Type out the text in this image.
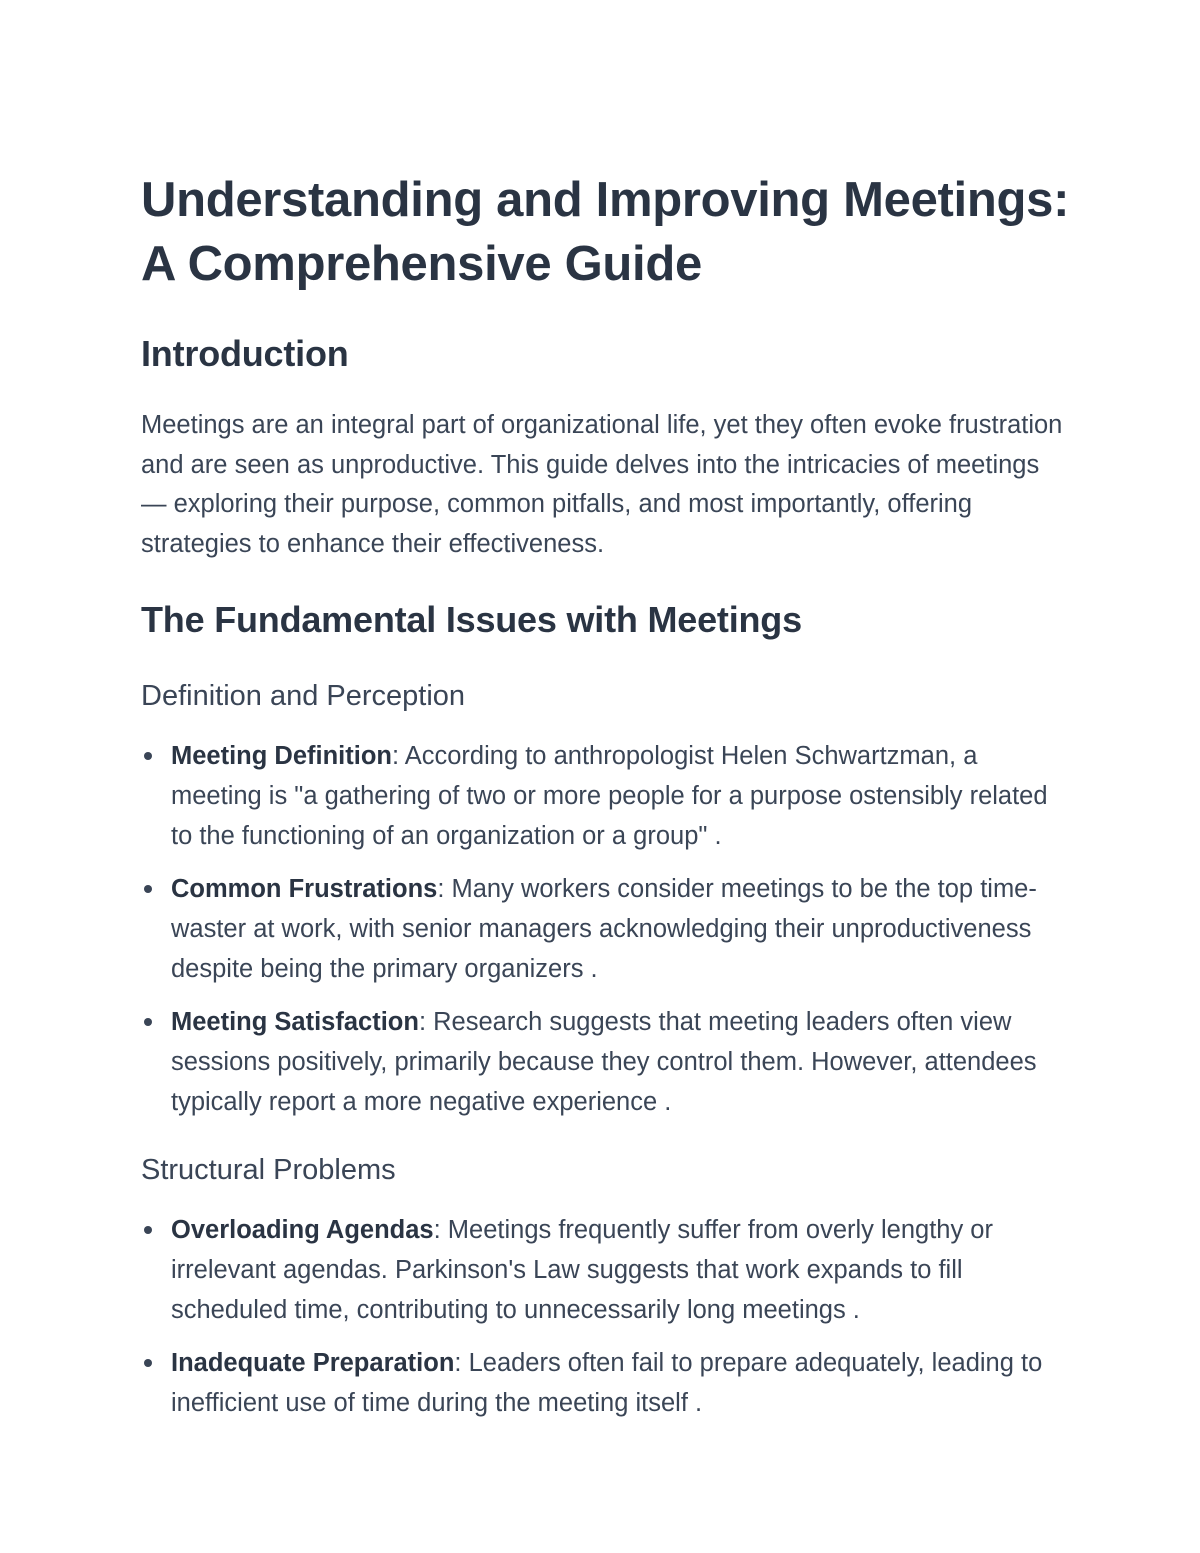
Understanding and Improving Meetings: A Comprehensive Guide
Introduction

Meetings are an integral part of organizational life, yet they often evoke frustration and are seen as unproductive. This guide delves into the intricacies of meetings — exploring their purpose, common pitfalls, and most importantly, offering strategies to enhance their effectiveness.

The Fundamental Issues with Meetings
Definition and Perception
Meeting Definition: According to anthropologist Helen Schwartzman, a meeting is "a gathering of two or more people for a purpose ostensibly related to the functioning of an organization or a group" .
Common Frustrations: Many workers consider meetings to be the top time-waster at work, with senior managers acknowledging their unproductiveness despite being the primary organizers .
Meeting Satisfaction: Research suggests that meeting leaders often view sessions positively, primarily because they control them. However, attendees typically report a more negative experience .
Structural Problems
Overloading Agendas: Meetings frequently suffer from overly lengthy or irrelevant agendas. Parkinson's Law suggests that work expands to fill scheduled time, contributing to unnecessarily long meetings .
Inadequate Preparation: Leaders often fail to prepare adequately, leading to inefficient use of time during the meeting itself .
